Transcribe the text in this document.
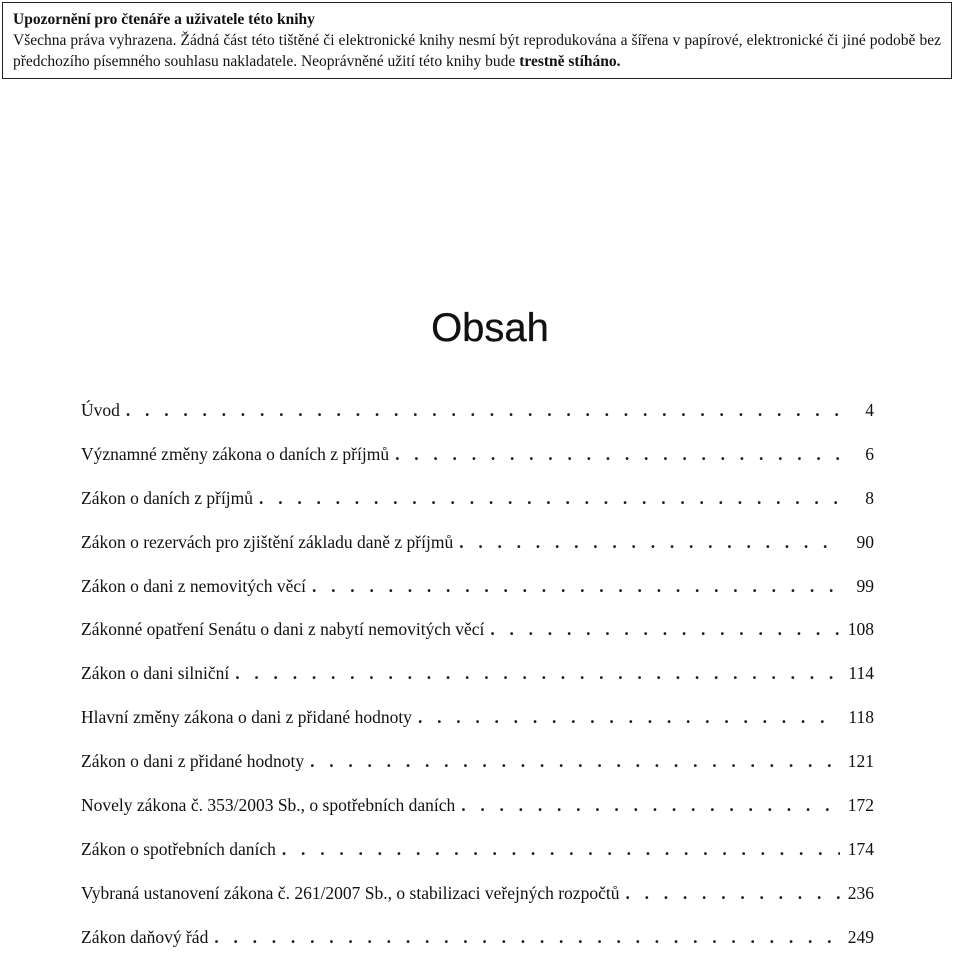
Upozornění pro čtenáře a uživatele této knihy
Všechna práva vyhrazena. Žádná část této tištěné či elektronické knihy nesmí být reprodukována a šířena v papírové, elektronické či jiné podobě bez předchozího písemného souhlasu nakladatele. Neoprávněné užití této knihy bude trestně stíháno.
Obsah
Úvod . . .	4
Významné změny zákona o daních z příjmů . . .	6
Zákon o daních z příjmů . . .	8
Zákon o rezervách pro zjištění základu daně z příjmů . . .	90
Zákon o dani z nemovitých věcí . . .	99
Zákonné opatření Senátu o dani z nabytí nemovitých věcí . . .	108
Zákon o dani silniční . . .	114
Hlavní změny zákona o dani z přidané hodnoty . . .	118
Zákon o dani z přidané hodnoty . . .	121
Novely zákona č. 353/2003 Sb., o spotřebních daních . . .	172
Zákon o spotřebních daních . . .	174
Vybraná ustanovení zákona č. 261/2007 Sb., o stabilizaci veřejných rozpočtů . . .	236
Zákon daňový řád . . .	249
